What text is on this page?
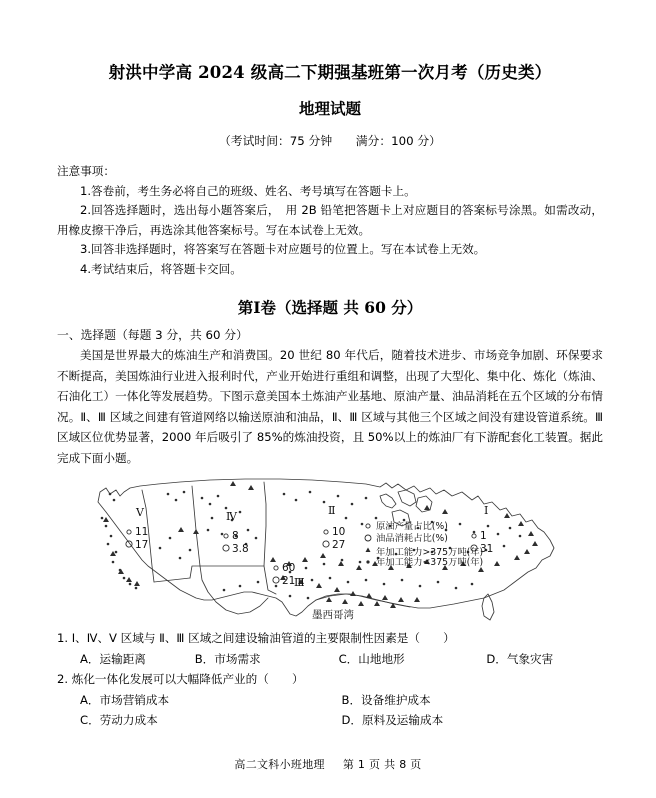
射洪中学高 2024 级高二下期强基班第一次月考（历史类）
地理试题
（考试时间：75 分钟　　满分：100 分）
注意事项：
1.答卷前，考生务必将自己的班级、姓名、考号填写在答题卡上。
2.回答选择题时，选出每小题答案后，　用 2B 铅笔把答题卡上对应题目的答案标号涂黑。如需改动，用橡皮擦干净后，再选涂其他答案标号。写在本试卷上无效。
3.回答非选择题时，将答案写在答题卡对应题号的位置上。写在本试卷上无效。
4.考试结束后，将答题卡交回。
第Ⅰ卷（选择题 共 60 分）
一、选择题（每题 3 分，共 60 分）
美国是世界最大的炼油生产和消费国。20 世纪 80 年代后，随着技术进步、市场竞争加剧、环保要求不断提高，美国炼油行业进入报利时代，产业开始进行重组和调整，出现了大型化、集中化、炼化（炼油、石油化工）一体化等发展趋势。下图示意美国本土炼油产业基地、原油产量、油品消耗在五个区域的分布情况。Ⅱ、Ⅲ 区域之间建有管道网络以输送原油和油品，Ⅱ、Ⅲ 区域与其他三个区域之间没有建设管道系统。Ⅲ 区域区位优势显著，2000 年后吸引了 85%的炼油投资，且 50%以上的炼油厂有下游配套化工装置。据此完成下面小题。
Ⅴ	Ⅳ	Ⅱ	Ⅰ
Ⅲ
11
17
8
3.8
10
27
1
31
60
21
原油产量占比(%)
油品消耗占比(%)
年加工能力>375万吨(年)
年加工能力<375万吨(年)
墨西哥湾
1. Ⅰ、Ⅳ、Ⅴ 区域与 Ⅱ、Ⅲ 区域之间建设输油管道的主要限制性因素是（　　）
A．运输距离	B．市场需求	C．山地地形	D．气象灾害
2. 炼化一体化发展可以大幅降低产业的（　　）
A．市场营销成本	B．设备维护成本
C．劳动力成本	D．原料及运输成本
高二文科小班地理 第 1 页 共 8 页
